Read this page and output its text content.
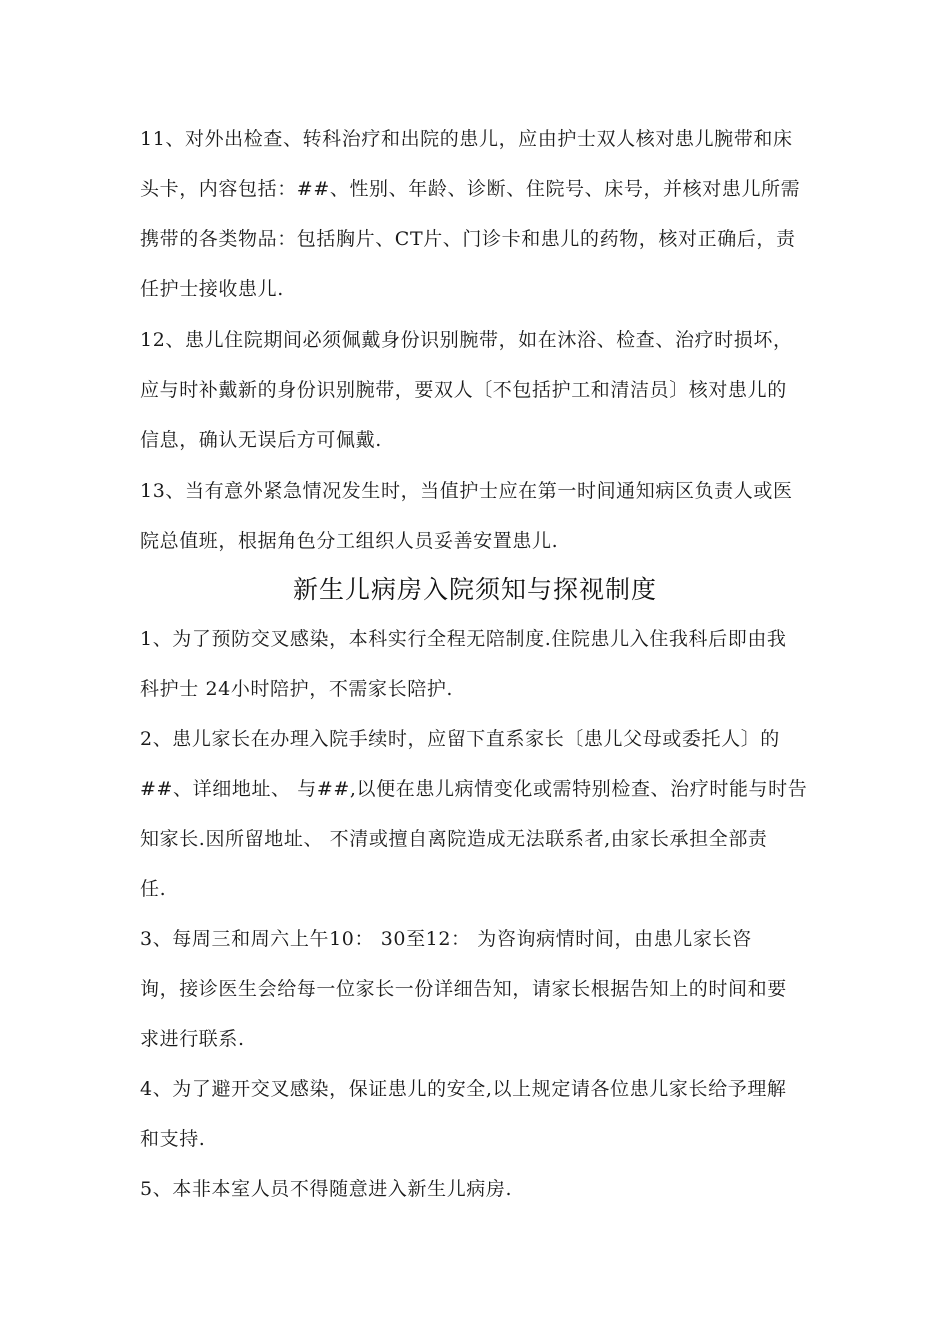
11、对外出检查、转科治疗和出院的患儿，应由护士双人核对患儿腕带和床
头卡，内容包括：##、性别、年龄、诊断、住院号、床号，并核对患儿所需
携带的各类物品：包括胸片、CT片、门诊卡和患儿的药物，核对正确后，责
任护士接收患儿.
12、患儿住院期间必须佩戴身份识别腕带，如在沐浴、检查、治疗时损坏，
应与时补戴新的身份识别腕带，要双人〔不包括护工和清洁员〕核对患儿的
信息，确认无误后方可佩戴.
13、当有意外紧急情况发生时，当值护士应在第一时间通知病区负责人或医
院总值班，根据角色分工组织人员妥善安置患儿.
新生儿病房入院须知与探视制度
1、为了预防交叉感染，本科实行全程无陪制度.住院患儿入住我科后即由我
科护士 24小时陪护，不需家长陪护.
2、患儿家长在办理入院手续时，应留下直系家长〔患儿父母或委托人〕的
##、详细地址、 与##,以便在患儿病情变化或需特别检查、治疗时能与时告
知家长.因所留地址、 不清或擅自离院造成无法联系者,由家长承担全部责
任.
3、每周三和周六上午10： 30至12： 为咨询病情时间，由患儿家长咨
询，接诊医生会给每一位家长一份详细告知，请家长根据告知上的时间和要
求进行联系.
4、为了避开交叉感染，保证患儿的安全,以上规定请各位患儿家长给予理解
和支持.
5、本非本室人员不得随意进入新生儿病房.
